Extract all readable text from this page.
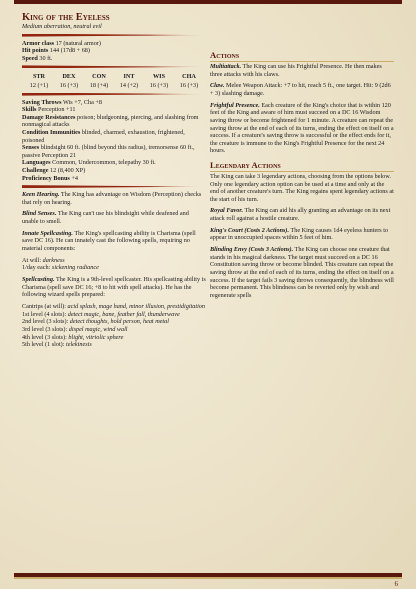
King of the Eyeless
Medium aberration, neutral evil
Armor class 17 (natural armor)
Hit points 144 (17d8 + 68)
Speed 30 ft.
STR
12 (+1)
DEX
16 (+3)
CON
18 (+4)
INT
14 (+2)
WIS
16 (+3)
CHA
16 (+3)
Saving Throws Wis +7, Cha +8
Skills Perception +11
Damage Resistances poison; bludgeoning, piercing, and slashing from nonmagical attacks
Condition Immunities blinded, charmed, exhaustion, frightened, poisoned
Senses blindsight 60 ft. (blind beyond this radius), tremorsense 60 ft., passive Perception 21
Languages Common, Undercommon, telepathy 30 ft.
Challenge 12 (8,400 XP)
Proficiency Bonus +4

Keen Hearing. The King has advantage on Wisdom (Perception) checks that rely on hearing.

Blind Senses. The King can't use his blindsight while deafened and unable to smell.

Innate Spellcasting. The King's spellcasting ability is Charisma (spell save DC 16). He can innately cast the following spells, requiring no material components:

At will: darkness

1/day each: sickening radiance

Spellcasting. The King is a 9th-level spellcaster. His spellcasting ability is Charisma (spell save DC 16; +8 to hit with spell attacks). He has the following wizard spells prepared:

Cantrips (at will): acid splash, mage hand, minor illusion, prestidigitation
1st level (4 slots): detect magic, bane, feather fall, thunderwave
2nd level (3 slots): detect thoughts, hold person, heat metal
3rd level (3 slots): dispel magic, wind wall
4th level (3 slots): blight, vitriolic sphere
5th level (1 slot): telekinesis
Actions

Multiattack. The King can use his Frightful Presence. He then makes three attacks with his claws.

Claw. Melee Weapon Attack: +7 to hit, reach 5 ft., one target. Hit: 9 (2d6 + 3) slashing damage.

Frightful Presence. Each creature of the King's choice that is within 120 feet of the King and aware of him must succeed on a DC 16 Wisdom saving throw or become frightened for 1 minute. A creature can repeat the saving throw at the end of each of its turns, ending the effect on itself on a success. If a creature's saving throw is successful or the effect ends for it, the creature is immune to the King's Frightful Presence for the next 24 hours.

Legendary Actions

The King can take 3 legendary actions, choosing from the options below. Only one legendary action option can be used at a time and only at the end of another creature's turn. The King regains spent legendary actions at the start of his turn.

Royal Favor. The King can aid his ally granting an advantage on its next attack roll against a hostile creature.

King's Court (Costs 2 Actions). The King causes 1d4 eyeless hunters to appear in unoccupied spaces within 5 feet of him.

Blinding Envy (Costs 3 Actions). The King can choose one creature that stands in his magical darkness. The target must succeed on a DC 16 Constitution saving throw or become blinded. This creature can repeat the saving throw at the end of each of its turns, ending the effect on itself on a success. If the target fails 3 saving throws consequently, the blindness will become permanent. This blindness can be reverted only by wish and regenerate spells

6
